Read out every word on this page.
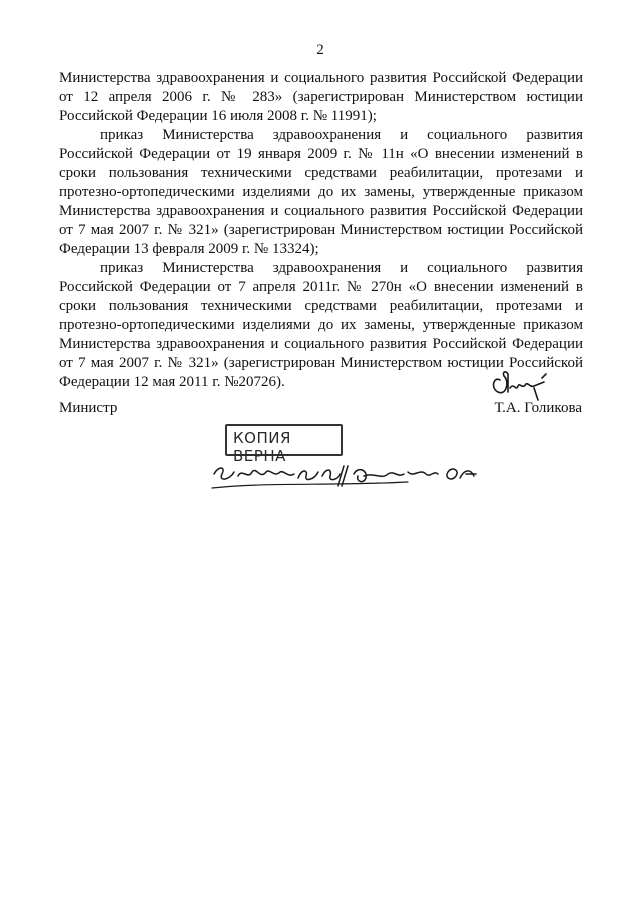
2

Министерства здравоохранения и социального развития Российской Федерации от 12 апреля 2006 г. № 283» (зарегистрирован Министерством юстиции Российской Федерации 16 июля 2008 г. № 11991);

приказ Министерства здравоохранения и социального развития Российской Федерации от 19 января 2009 г. № 11н «О внесении изменений в сроки пользования техническими средствами реабилитации, протезами и протезно-ортопедическими изделиями до их замены, утвержденные приказом Министерства здравоохранения и социального развития Российской Федерации от 7 мая 2007 г. № 321» (зарегистрирован Министерством юстиции Российской Федерации 13 февраля 2009 г. № 13324);

приказ Министерства здравоохранения и социального развития Российской Федерации от 7 апреля 2011г. № 270н «О внесении изменений в сроки пользования техническими средствами реабилитации, протезами и протезно-ортопедическими изделиями до их замены, утвержденные приказом Министерства здравоохранения и социального развития Российской Федерации от 7 мая 2007 г. № 321» (зарегистрирован Министерством юстиции Российской Федерации 12 мая 2011 г. №20726).

Министр	Т.А. Голикова
КОПИЯ ВЕРНА
